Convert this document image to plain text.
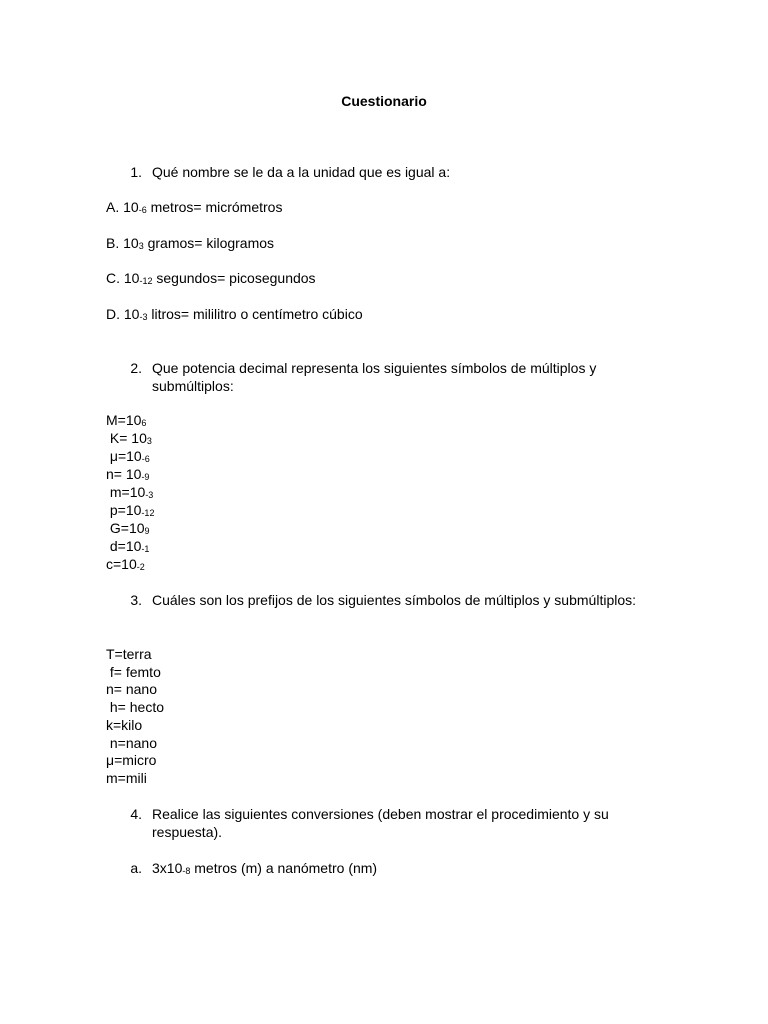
Cuestionario
1. Qué nombre se le da a la unidad que es igual a:
A. 10-6 metros= micrómetros
B. 103 gramos= kilogramos
C. 10-12 segundos= picosegundos
D. 10-3 litros= mililitro o centímetro cúbico
2. Que potencia decimal representa los siguientes símbolos de múltiplos y submúltiplos:
M=106
K= 103
μ=10-6
n= 10-9
m=10-3
p=10-12
G=109
d=10-1
c=10-2
3. Cuáles son los prefijos de los siguientes símbolos de múltiplos y submúltiplos:
T=terra
f= femto
n= nano
h= hecto
k=kilo
n=nano
μ=micro
m=mili
4. Realice las siguientes conversiones (deben mostrar el procedimiento y su respuesta).
a. 3x10-8 metros (m) a nanómetro (nm)
